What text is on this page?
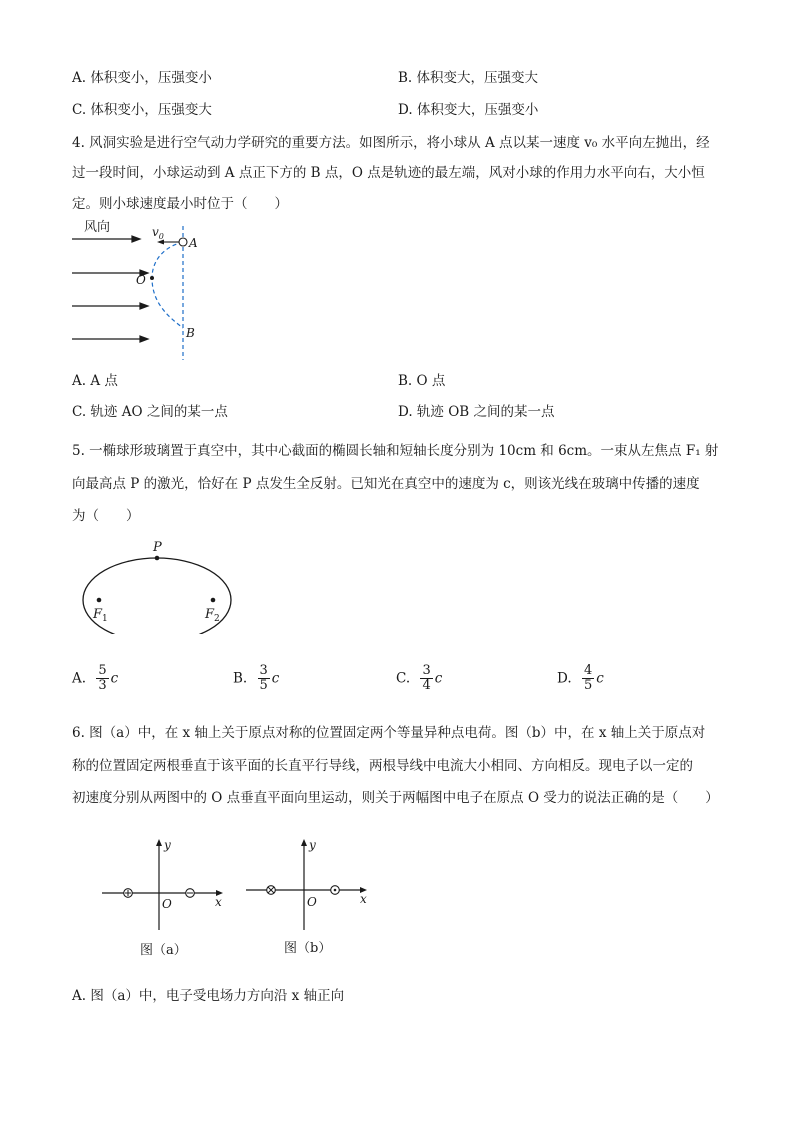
A. 体积变小，压强变小	B. 体积变大，压强变大
C. 体积变小，压强变大	D. 体积变大，压强变小
4. 风洞实验是进行空气动力学研究的重要方法。如图所示，将小球从 A 点以某一速度 v₀ 水平向左抛出，经
过一段时间，小球运动到 A 点正下方的 B 点，O 点是轨迹的最左端，风对小球的作用力水平向右，大小恒
定。则小球速度最小时位于（　　）
风向	$v_0$ A
O
B
A. A 点	B. O 点
C. 轨迹 AO 之间的某一点	D. 轨迹 OB 之间的某一点
5. 一椭球形玻璃置于真空中，其中心截面的椭圆长轴和短轴长度分别为 10cm 和 6cm。一束从左焦点 F₁ 射
向最高点 P 的激光，恰好在 P 点发生全反射。已知光在真空中的速度为 c，则该光线在玻璃中传播的速度
为（　　）
P
$F_1$	$F_2$
A. $\frac{5}{3}$ c	B. $\frac{3}{5}$ c	C. $\frac{3}{4}$ c	D. $\frac{4}{5}$ c
6. 图（a）中，在 x 轴上关于原点对称的位置固定两个等量异种点电荷。图（b）中，在 x 轴上关于原点对
称的位置固定两根垂直于该平面的长直平行导线，两根导线中电流大小相同、方向相反。现电子以一定的
初速度分别从两图中的 O 点垂直平面向里运动，则关于两幅图中电子在原点 O 受力的说法正确的是（　　）
y
x
O
图（a）
y
x
O
图（b）
A. 图（a）中，电子受电场力方向沿 x 轴正向
